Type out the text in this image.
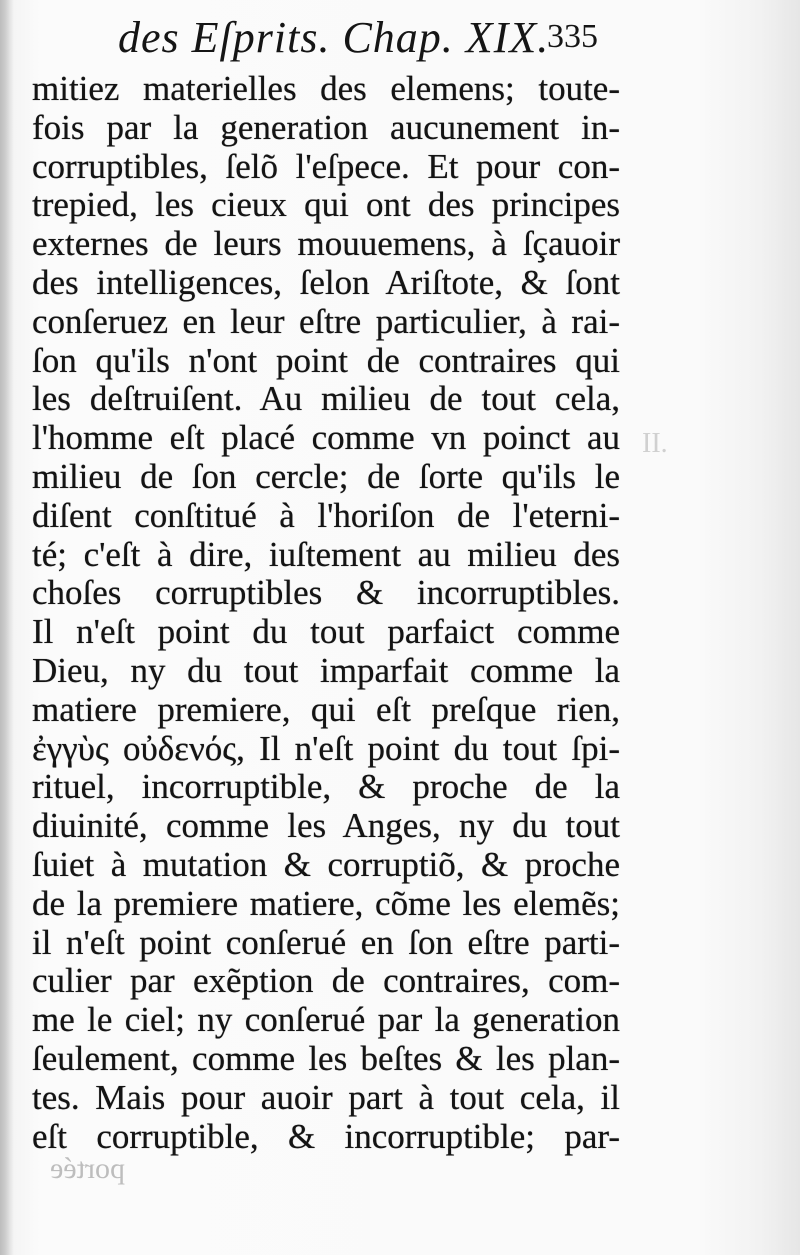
des Eſprits. Chap. XIX.
335
mitiez materielles des elemens; toute-
fois par la generation aucunement in-
corruptibles, ſelõ l'eſpece. Et pour con-
trepied, les cieux qui ont des principes
externes de leurs mouuemens, à ſçauoir
des intelligences, ſelon Ariſtote, & ſont
conſeruez en leur eſtre particulier, à rai-
ſon qu'ils n'ont point de contraires qui
les deſtruiſent. Au milieu de tout cela,
l'homme eſt placé comme vn poinct au
milieu de ſon cercle; de ſorte qu'ils le
diſent conſtitué à l'horiſon de l'eterni-
té; c'eſt à dire, iuſtement au milieu des
choſes corruptibles & incorruptibles.
Il n'eſt point du tout parfaict comme
Dieu, ny du tout imparfait comme la
matiere premiere, qui eſt preſque rien,
ἐγγὺς οὐδενός, Il n'eſt point du tout ſpi-
rituel, incorruptible, & proche de la
diuinité, comme les Anges, ny du tout
ſuiet à mutation & corruptiõ, & proche
de la premiere matiere, cõme les elemẽs;
il n'eſt point conſerué en ſon eſtre parti-
culier par exẽption de contraires, com-
me le ciel; ny conſerué par la generation
ſeulement, comme les beſtes & les plan-
tes. Mais pour auoir part à tout cela, il
eſt corruptible, & incorruptible; par-
II.
portée
